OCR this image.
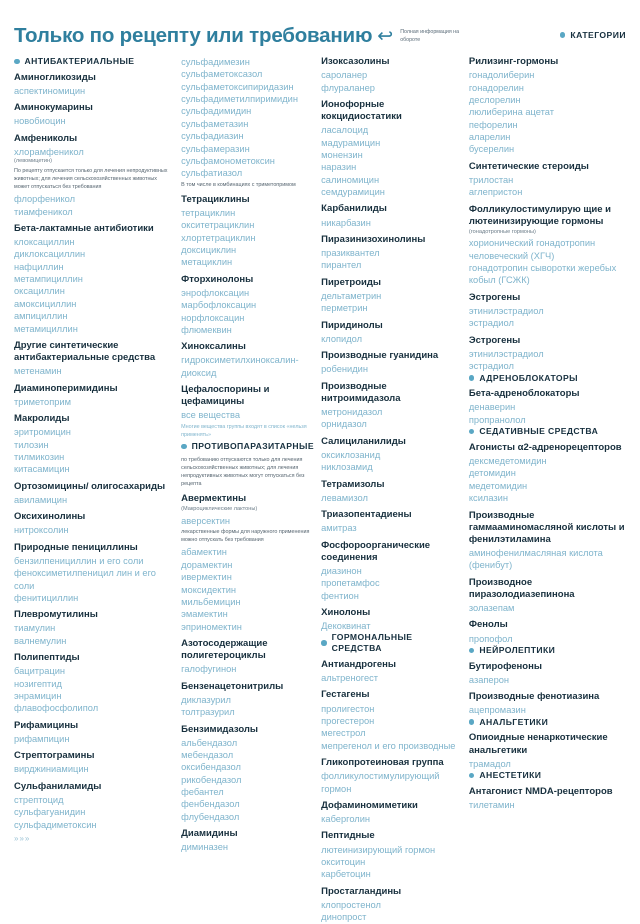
Только по рецепту или требованию ↩ Полная информация на обороте	КАТЕГОРИИ
АНТИБАКТЕРИАЛЬНЫЕ
Аминогликозиды
аспектиномицин
Аминокумарины
новобиоцин
Амфениколы
хлорамфеникол
(левомицетин)
По рецепту отпускается только для лечения непродуктивных животных; для лечения сельскохозяйственных животных может отпускаться без требования
флорфеникол
тиамфеникол
Бета-лактамные антибиотики
клоксациллин
диклоксациллин
нафциллин
метампициллин
оксациллин
амоксициллин
ампициллин
метамициллин
Другие синтетические антибактериальные средства
метенамин
Диаминоперимидины
триметоприм
Макролиды
эритромицин
тилозин
тилмикозин
китасамицин
Ортозомицины/ олигосахариды
авиламицин
Оксихинолины
нитроксолин
Природные пенициллины
бензилпенициллин и его соли
феноксиметилпеницил лин и его соли
фенитициллин
Плевромутилины
тиамулин
валнемулин
Полипептиды
бацитрацин
нозигептид
энрамицин
флавофосфолипол
Рифамицины
рифампицин
Стрептограмины
вирджиниамицин
Сульфаниламиды
стрептоцид
сульфагуанидин
сульфадиметоксин
»»»
сульфадимезин
сульфаметоксазол
сульфаметоксипиридазин
сульфадиметилпиримидин
сульфадимидин
сульфаметазин
сульфадиазин
сульфамеразин
сульфамонометоксин
сульфатиазол
В том числе в комбинациях с триметопримом
Тетрациклины
тетрациклин
окситетрациклин
хлортетрациклин
доксициклин
метациклин
Фторхинолоны
энрофлоксацин
марбофлоксацин
норфлоксацин
флюмеквин
Хиноксалины
гидроксиметилхиноксалин-диоксид
Цефалоспорины и цефамицины
все вещества
Многие вещества группы входят в список «нельзя применять»
ПРОТИВОПАРАЗИТАРНЫЕ
по требованию отпускаются только для лечения сельскохозяйственных животных; для лечения непродуктивных животных могут отпускаться без рецепта
Авермектины
(Макроциклические лактоны)
аверсектин
лекарственные формы для наружного применения можно отпускать без требования
абамектин
дорамектин
ивермектин
моксидектин
мильбемицин
эмамектин
эприномектин
Азотосодержащие полигетероциклы
галофугинон
Бензенацетонитрилы
диклазурил
толтразурил
Бензимидазолы
альбендазол
мебендазол
оксибендазол
рикобендазол
фебантел
фенбендазол
флубендазол
Диамидины
диминазен
Изоксазолины
сароланер
флураланер
Ионофорные кокцидиостатики
ласалоцид
мадурамицин
монензин
наразин
салиномицин
семдурамицин
Карбанилиды
никарбазин
Пиразинизохинолины
празиквантел
пирантел
Пиретроиды
дельтаметрин
перметрин
Пиридинолы
клопидол
Производные гуанидина
робенидин
Производные нитроимидазола
метронидазол
орнидазол
Салициланилиды
оксиклозанид
никлозамид
Тетрамизолы
левамизол
Триазопентадиены
амитраз
Фосфороорганические соединения
диазинон
пропетамфос
фентион
Хинолоны
Декоквинат
ГОРМОНАЛЬНЫЕ СРЕДСТВА
Антиандрогены
альтреногест
Гестагены
пролигестон
прогестерон
мегестрол
мепрегенол и его производные
Гликопротеиновая группа
фолликулостимулирующий гормон
Дофаминомиметики
каберголин
Пептидные
лютеинизирующий гормон
окситоцин
карбетоцин
Простагландины
клопростенол
динопрост
Рилизинг-гормоны
гонадолиберин
гонадорелин
деслорелин
люлиберина ацетат
пефорелин
аларелин
бусерелин
Синтетические стероиды
трилостан
аглепристон
Фолликулостимулирую щие и лютеинизирующие гормоны
(гонадотропные гормоны)
хорионический гонадотропин человеческий (ХГЧ)
гонадотропин сыворотки жеребых кобыл (ГСЖК)
Эстрогены
этинилэстрадиол
эстрадиол
Эстрогены
этинилэстрадиол
эстрадиол
АДРЕНОБЛОКАТОРЫ
Бета-адреноблокаторы
денаверин
пропранолол
СЕДАТИВНЫЕ СРЕДСТВА
Агонисты α2-адренорецепторов
дексмедетомидин
детомидин
медетомидин
ксилазин
Производные гаммааминомасляной кислоты и фенилэтиламина
аминофенилмасляная кислота (фенибут)
Производное пиразолодиазепинона
золазепам
Фенолы
пропофол
НЕЙРОЛЕПТИКИ
Бутирофеноны
азаперон
Производные фенотиазина
ацепромазин
АНАЛЬГЕТИКИ
Опиоидные ненаркотические анальгетики
трамадол
АНЕСТЕТИКИ
Антагонист NMDA-рецепторов
тилетамин
